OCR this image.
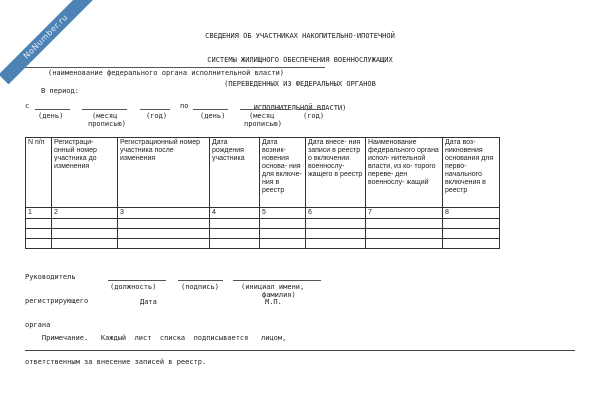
NoNumber.ru

	СВЕДЕНИЯ ОБ УЧАСТНИКАХ НАКОПИТЕЛЬНО-ИПОТЕЧНОЙ

СИСТЕМЫ ЖИЛИЩНОГО ОБЕСПЕЧЕНИЯ ВОЕННОСЛУЖАЩИХ

(ПЕРЕВЕДЕННЫХ ИЗ ФЕДЕРАЛЬНЫХ ОРГАНОВ

ИСПОЛНИТЕЛЬНОЙ ВЛАСТИ)

(наименование федерального органа исполнительной власти)
В период:
с	по
(день)	(месяц
прописью)
(год)	(день)	(месяц
прописью)
(год)
N п/п	Регистраци- онный номер участника до изменения	Регистрационный номер участника после изменения	Дата рождения участника	Дата возник- новения основа- ния для включе- ния в реестр	Дата внесе- ния записи в реестр о включении военнослу- жащего в реестр	Наименование федерального органа испол- нительной власти, из ко- торого переве- ден военнослу- жащий	Дата воз- никновения основания для перво- начального включения в реестр
1	2	3	4	5	6	7	8

Руководитель

регистрирующего

органа

(должность)	(подпись)	(инициал имени,
фамилия)
Дата	М.П.

Примечание.   Каждый  лист  списка  подписывается   лицом,

ответственным за внесение записей в реестр.
